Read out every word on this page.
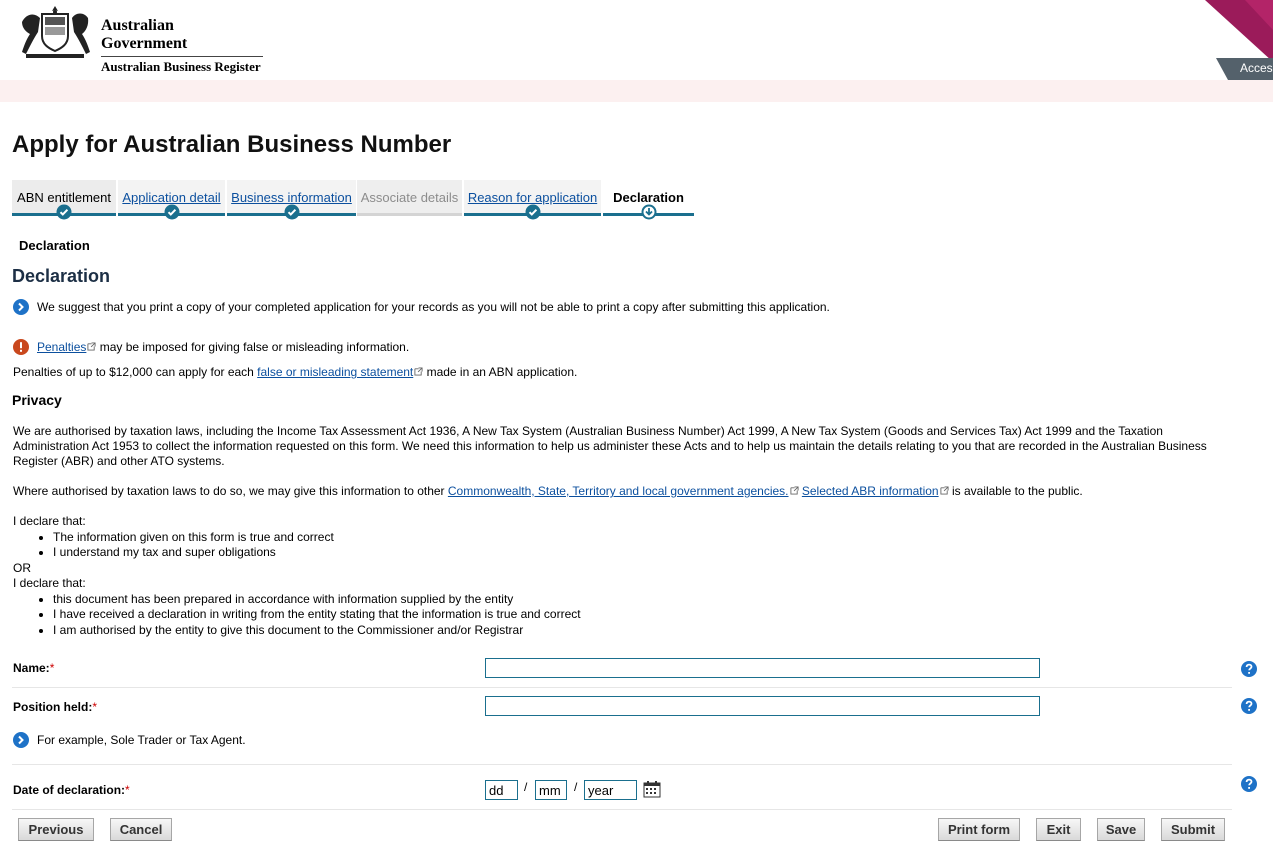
Australian Government
Australian Business Register	Acces
Apply for Australian Business Number
ABN entitlement Application detail Business information Associate details Reason for application	Declaration
Declaration
Declaration
We suggest that you print a copy of your completed application for your records as you will not be able to print a copy after submitting this application.
Penalties may be imposed for giving false or misleading information.
Penalties of up to $12,000 can apply for each false or misleading statement made in an ABN application.
Privacy
We are authorised by taxation laws, including the Income Tax Assessment Act 1936, A New Tax System (Australian Business Number) Act 1999, A New Tax System (Goods and Services Tax) Act 1999 and the Taxation Administration Act 1953 to collect the information requested on this form. We need this information to help us administer these Acts and to help us maintain the details relating to you that are recorded in the Australian Business Register (ABR) and other ATO systems.
Where authorised by taxation laws to do so, we may give this information to other Commonwealth, State, Territory and local government agencies. Selected ABR information is available to the public.
I declare that:
• The information given on this form is true and correct
• I understand my tax and super obligations
OR
I declare that:
• this document has been prepared in accordance with information supplied by the entity
• I have received a declaration in writing from the entity stating that the information is true and correct
• I am authorised by the entity to give this document to the Commissioner and/or Registrar
Name:*
Position held:*
For example, Sole Trader or Tax Agent.
Date of declaration:*
dd	/
mm	/
year
Previous	Cancel	Print form	Exit	Save	Submit
